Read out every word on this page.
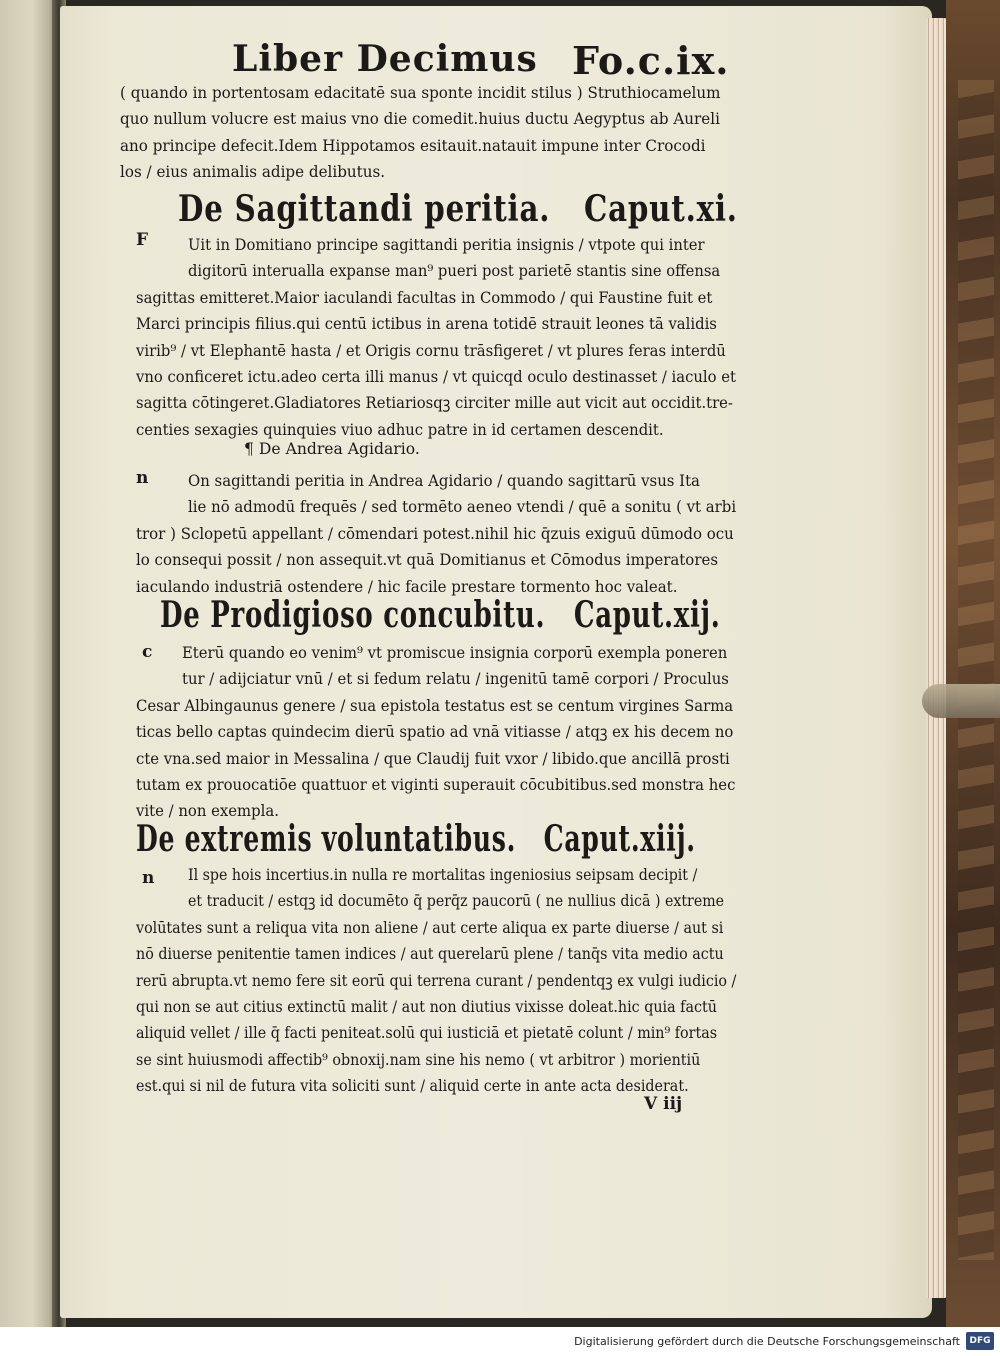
Liber Decimus Fo.c.ix.
( quando in portentosam edacitatē sua sponte incidit stilus ) Struthiocamelum
quo nullum volucre est maius vno die comedit.huius ductu Aegyptus ab Aureli
ano principe defecit.Idem Hippotamos esitauit.natauit impune inter Crocodi
los / eius animalis adipe delibutus.
De Sagittandi peritia. Caput.xi.
F	Uit in Domitiano principe sagittandi peritia insignis / vtpote qui inter
digitorū interualla expanse man⁹ pueri post parietē stantis sine offensa
sagittas emitteret.Maior iaculandi facultas in Commodo / qui Faustine fuit et
Marci principis filius.qui centū ictibus in arena totidē strauit leones tā validis
virib⁹ / vt Elephantē hasta / et Origis cornu trāsfigeret / vt plures feras interdū
vno conficeret ictu.adeo certa illi manus / vt quicqd oculo destinasset / iaculo et
sagitta cōtingeret.Gladiatores Retiariosqꝫ circiter mille aut vicit aut occidit.tre-
centies sexagies quinquies viuo adhuc patre in id certamen descendit.
¶ De Andrea Agidario.
n	On sagittandi peritia in Andrea Agidario / quando sagittarū vsus Ita
lie nō admodū frequēs / sed tormēto aeneo vtendi / quē a sonitu ( vt arbi
tror ) Sclopetū appellant / cōmendari potest.nihil hic q̄zuis exiguū dūmodo ocu
lo consequi possit / non assequit.vt quā Domitianus et Cōmodus imperatores
iaculando industriā ostendere / hic facile prestare tormento hoc valeat.
De Prodigioso concubitu. Caput.xij.
c Eterū quando eo venim⁹ vt promiscue insignia corporū exempla poneren
tur / adijciatur vnū / et si fedum relatu / ingenitū tamē corpori / Proculus
Cesar Albingaunus genere / sua epistola testatus est se centum virgines Sarma
ticas bello captas quindecim dierū spatio ad vnā vitiasse / atqꝫ ex his decem no
cte vna.sed maior in Messalina / que Claudij fuit vxor / libido.que ancillā prosti
tutam ex prouocatiōe quattuor et viginti superauit cōcubitibus.sed monstra hec
vite / non exempla.
De extremis voluntatibus. Caput.xiij.
n Il spe hois incertius.in nulla re mortalitas ingeniosius seipsam decipit /
et traducit / estqꝫ id documēto q̄ perq̄z paucorū ( ne nullius dicā ) extreme
volūtates sunt a reliqua vita non aliene / aut certe aliqua ex parte diuerse / aut si
nō diuerse penitentie tamen indices / aut querelarū plene / tanq̄s vita medio actu
rerū abrupta.vt nemo fere sit eorū qui terrena curant / pendentqꝫ ex vulgi iudicio /
qui non se aut citius extinctū malit / aut non diutius vixisse doleat.hic quia factū
aliquid vellet / ille q̄ facti peniteat.solū qui iusticiā et pietatē colunt / min⁹ fortas
se sint huiusmodi affectib⁹ obnoxij.nam sine his nemo ( vt arbitror ) morientiū
est.qui si nil de futura vita soliciti sunt / aliquid certe in ante acta desiderat.
V iij
Digitalisierung gefördert durch die Deutsche Forschungsgemeinschaft	DFG
